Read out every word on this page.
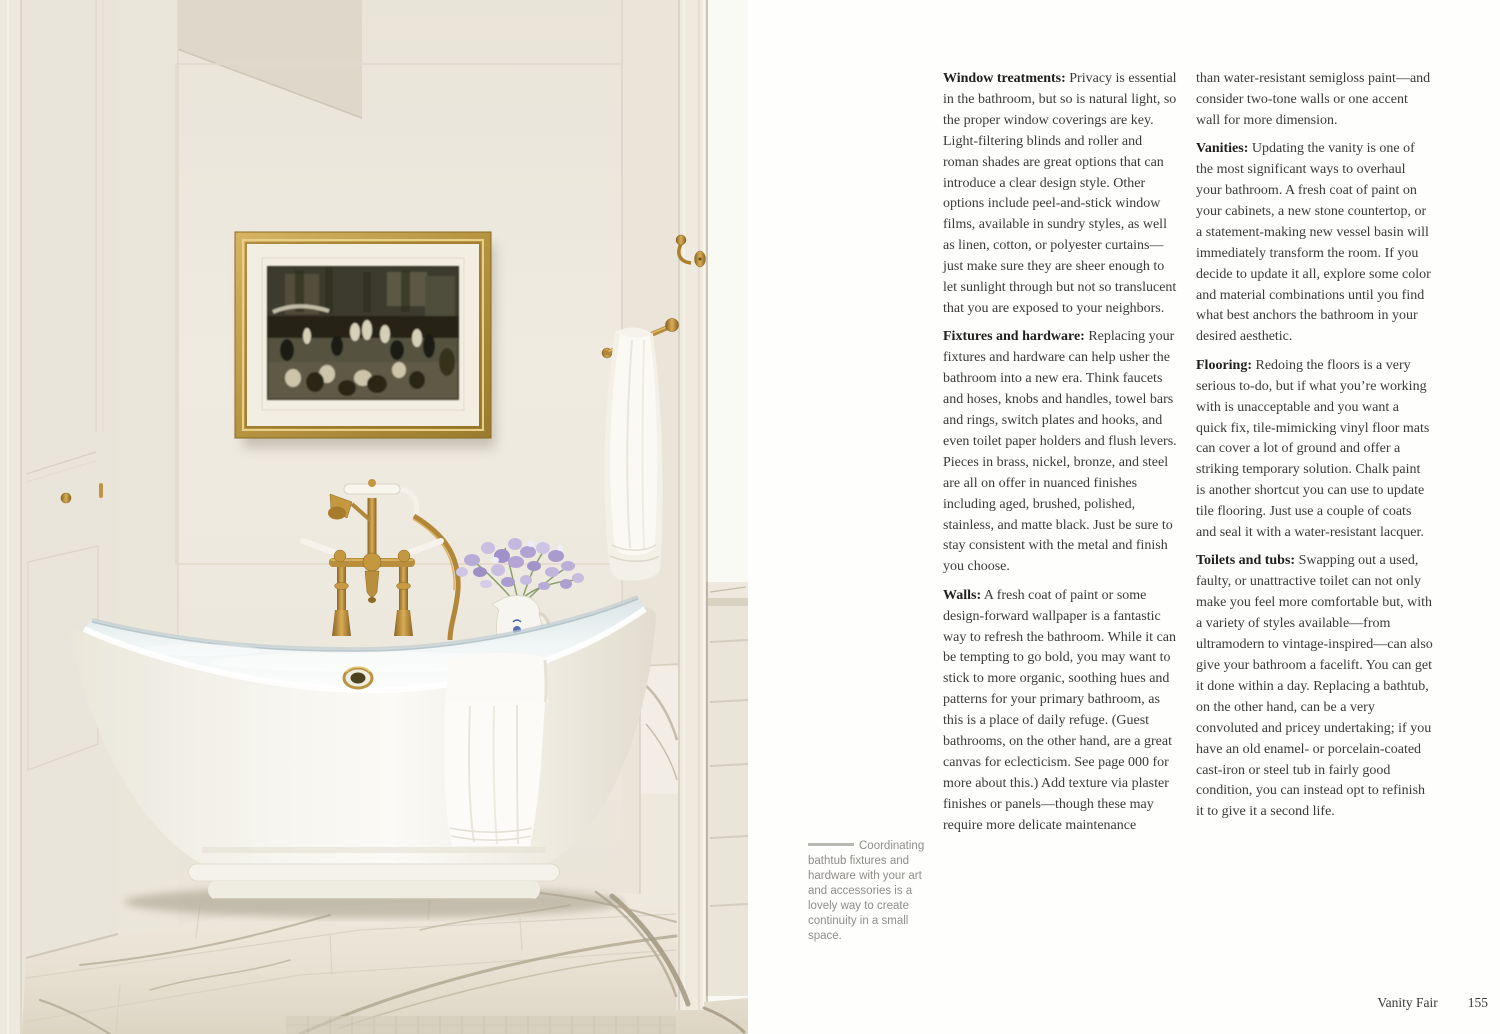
Window treatments: Privacy is essential in the bathroom, but so is natural light, so the proper window coverings are key. Light-filtering blinds and roller and roman shades are great options that can introduce a clear design style. Other options include peel-and-stick window films, available in sundry styles, as well as linen, cotton, or polyester curtains—just make sure they are sheer enough to let sunlight through but not so translucent that you are exposed to your neighbors.

Fixtures and hardware: Replacing your fixtures and hardware can help usher the bathroom into a new era. Think faucets and hoses, knobs and handles, towel bars and rings, switch plates and hooks, and even toilet paper holders and flush levers. Pieces in brass, nickel, bronze, and steel are all on offer in nuanced finishes including aged, brushed, polished, stainless, and matte black. Just be sure to stay consistent with the metal and finish you choose.

Walls: A fresh coat of paint or some design-forward wallpaper is a fantastic way to refresh the bathroom. While it can be tempting to go bold, you may want to stick to more organic, soothing hues and patterns for your primary bathroom, as this is a place of daily refuge. (Guest bathrooms, on the other hand, are a great canvas for eclecticism. See page 000 for more about this.) Add texture via plaster finishes or panels—though these may require more delicate maintenance

than water-resistant semigloss paint—and consider two-tone walls or one accent wall for more dimension.

Vanities: Updating the vanity is one of the most significant ways to overhaul your bathroom. A fresh coat of paint on your cabinets, a new stone countertop, or a statement-making new vessel basin will immediately transform the room. If you decide to update it all, explore some color and material combinations until you find what best anchors the bathroom in your desired aesthetic.

Flooring: Redoing the floors is a very serious to-do, but if what you’re working with is unacceptable and you want a quick fix, tile-mimicking vinyl floor mats can cover a lot of ground and offer a striking temporary solution. Chalk paint is another shortcut you can use to update tile flooring. Just use a couple of coats and seal it with a water-resistant lacquer.

Toilets and tubs: Swapping out a used, faulty, or unattractive toilet can not only make you feel more comfortable but, with a variety of styles available—from ultramodern to vintage-inspired—can also give your bathroom a facelift. You can get it done within a day. Replacing a bathtub, on the other hand, can be a very convoluted and pricey undertaking; if you have an old enamel- or porcelain-coated cast-iron or steel tub in fairly good condition, you can instead opt to refinish it to give it a second life.

Coordinating bathtub fixtures and hardware with your art and accessories is a lovely way to create continuity in a small space.
Vanity Fair 155
